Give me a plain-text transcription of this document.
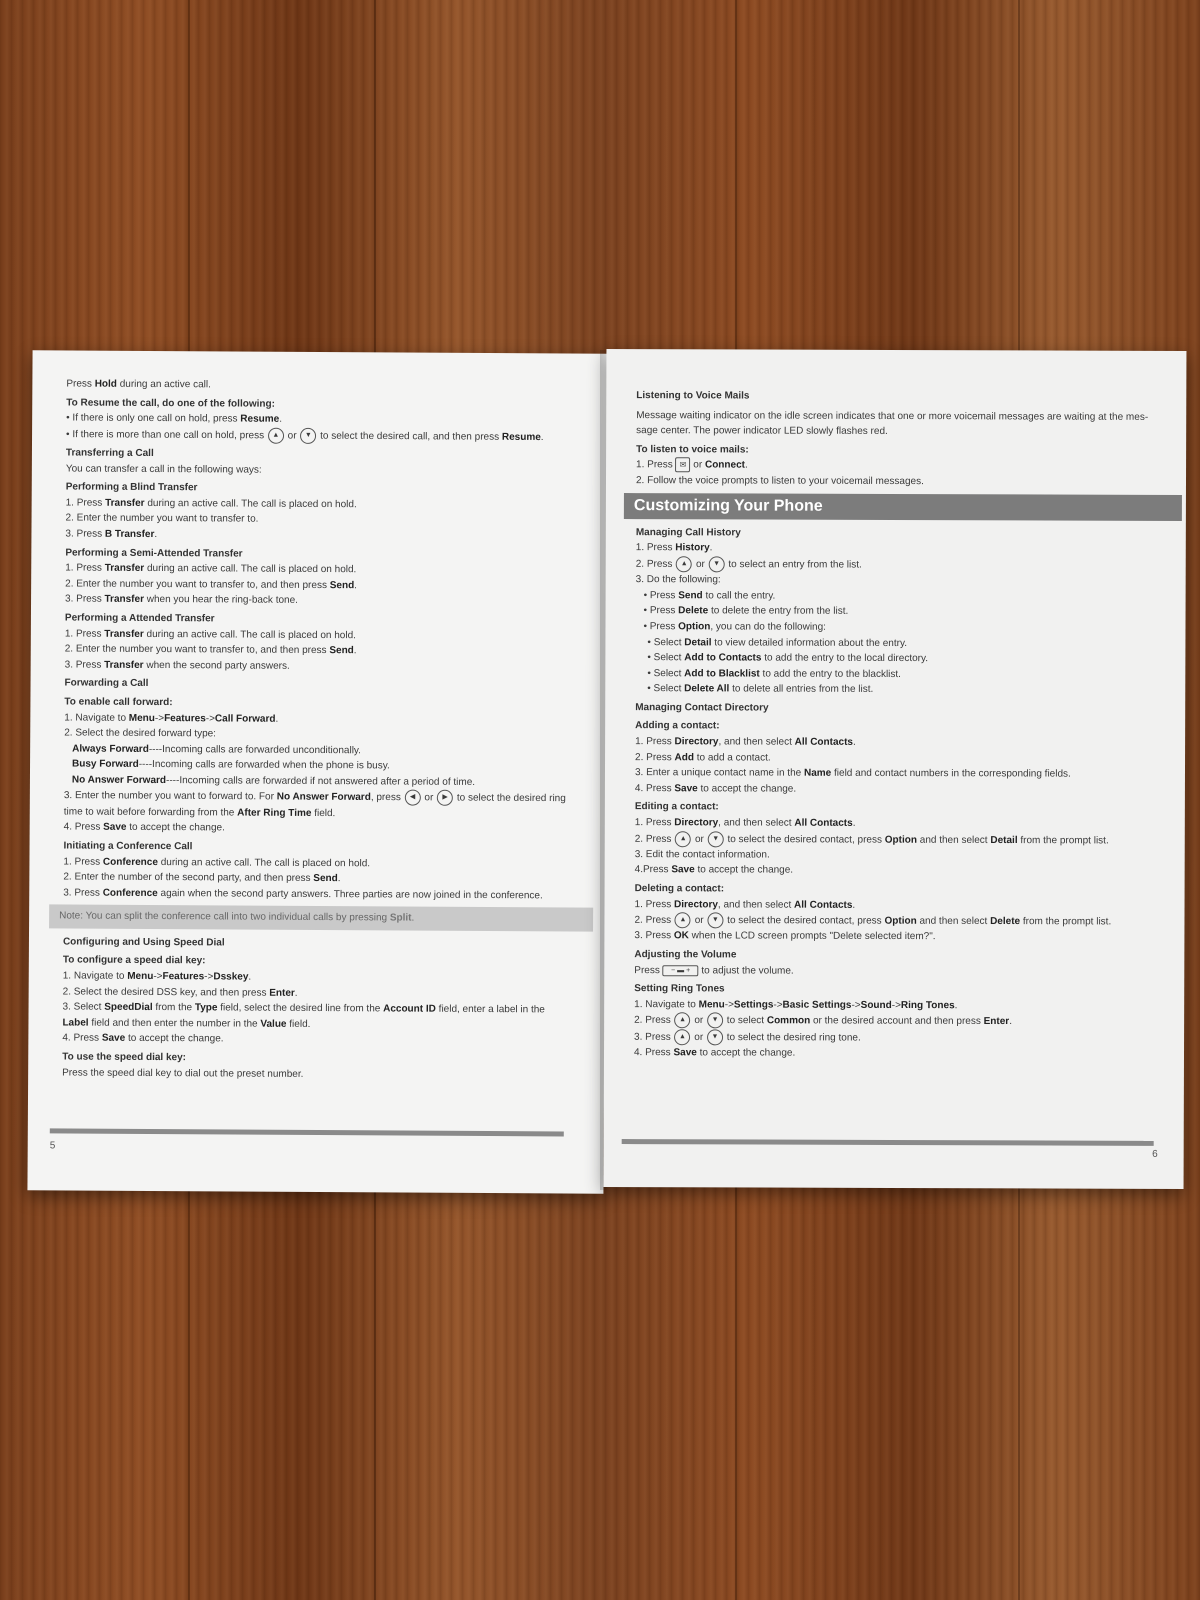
Press Hold during an active call.
To Resume the call, do one of the following:
• If there is only one call on hold, press Resume.
• If there is more than one call on hold, press ▲ or ▼ to select the desired call, and then press Resume.
Transferring a Call
You can transfer a call in the following ways:
Performing a Blind Transfer
1. Press Transfer during an active call. The call is placed on hold.
2. Enter the number you want to transfer to.
3. Press B Transfer.
Performing a Semi-Attended Transfer
1. Press Transfer during an active call. The call is placed on hold.
2. Enter the number you want to transfer to, and then press Send.
3. Press Transfer when you hear the ring-back tone.
Performing a Attended Transfer
1. Press Transfer during an active call. The call is placed on hold.
2. Enter the number you want to transfer to, and then press Send.
3. Press Transfer when the second party answers.
Forwarding a Call
To enable call forward:
1. Navigate to Menu->Features->Call Forward.
2. Select the desired forward type:
Always Forward----Incoming calls are forwarded unconditionally.
Busy Forward----Incoming calls are forwarded when the phone is busy.
No Answer Forward----Incoming calls are forwarded if not answered after a period of time.
3. Enter the number you want to forward to. For No Answer Forward, press ◀ or ▶ to select the desired ring
time to wait before forwarding from the After Ring Time field.
4. Press Save to accept the change.
Initiating a Conference Call
1. Press Conference during an active call. The call is placed on hold.
2. Enter the number of the second party, and then press Send.
3. Press Conference again when the second party answers. Three parties are now joined in the conference.
Note: You can split the conference call into two individual calls by pressing Split.
Configuring and Using Speed Dial
To configure a speed dial key:
1. Navigate to Menu->Features->Dsskey.
2. Select the desired DSS key, and then press Enter.
3. Select SpeedDial from the Type field, select the desired line from the Account ID field, enter a label in the
Label field and then enter the number in the Value field.
4. Press Save to accept the change.
To use the speed dial key:
Press the speed dial key to dial out the preset number.
5
Listening to Voice Mails
Message waiting indicator on the idle screen indicates that one or more voicemail messages are waiting at the mes-
sage center. The power indicator LED slowly flashes red.
To listen to voice mails:
1. Press ✉ or Connect.
2. Follow the voice prompts to listen to your voicemail messages.
Customizing Your Phone
Managing Call History
1. Press History.
2. Press ▲ or ▼ to select an entry from the list.
3. Do the following:
• Press Send to call the entry.
• Press Delete to delete the entry from the list.
• Press Option, you can do the following:
• Select Detail to view detailed information about the entry.
• Select Add to Contacts to add the entry to the local directory.
• Select Add to Blacklist to add the entry to the blacklist.
• Select Delete All to delete all entries from the list.
Managing Contact Directory
Adding a contact:
1. Press Directory, and then select All Contacts.
2. Press Add to add a contact.
3. Enter a unique contact name in the Name field and contact numbers in the corresponding fields.
4. Press Save to accept the change.
Editing a contact:
1. Press Directory, and then select All Contacts.
2. Press ▲ or ▼ to select the desired contact, press Option and then select Detail from the prompt list.
3. Edit the contact information.
4.Press Save to accept the change.
Deleting a contact:
1. Press Directory, and then select All Contacts.
2. Press ▲ or ▼ to select the desired contact, press Option and then select Delete from the prompt list.
3. Press OK when the LCD screen prompts "Delete selected item?".
Adjusting the Volume
Press − ▬ + to adjust the volume.
Setting Ring Tones
1. Navigate to Menu->Settings->Basic Settings->Sound->Ring Tones.
2. Press ▲ or ▼ to select Common or the desired account and then press Enter.
3. Press ▲ or ▼ to select the desired ring tone.
4. Press Save to accept the change.
6
